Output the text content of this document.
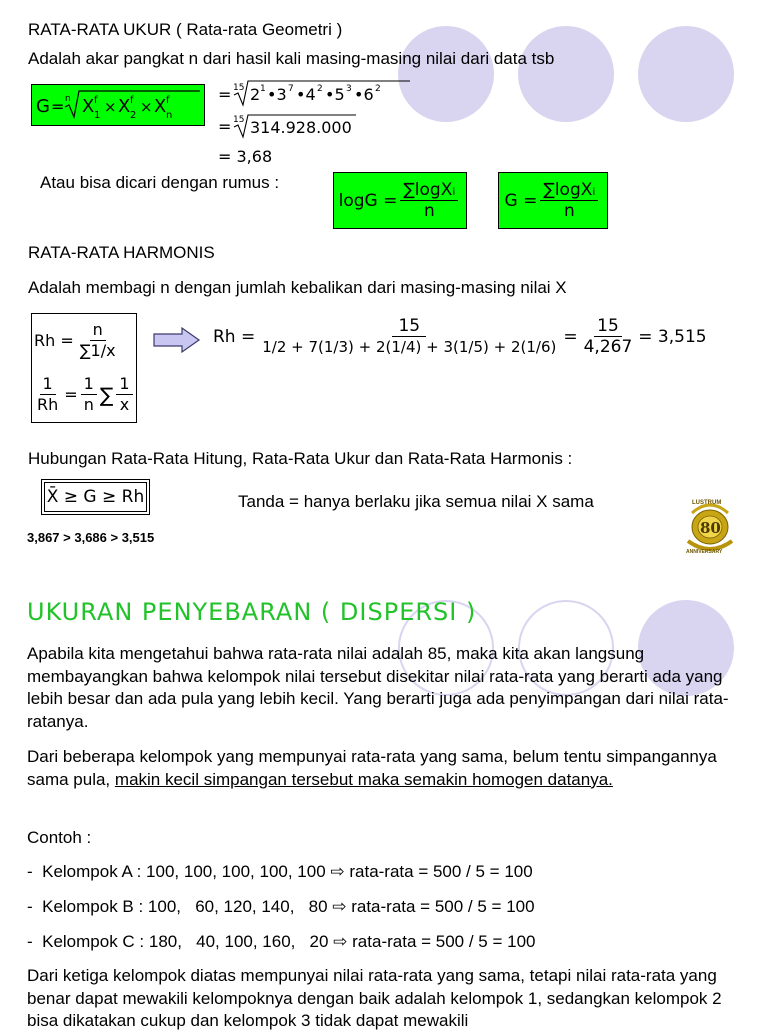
RATA-RATA UKUR ( Rata-rata Geometri )
Adalah akar pangkat n dari hasil kali masing-masing nilai dari data tsb
G = n X f
1 × X f
2 × X f
n
= 15 2 1 •3 7 •4 2 •5 3 •6 2
= 15 314.928.000
= 3,68
Atau bisa dicari dengan rumus :
$\log G = \frac{\text{∑logXᵢ}}{n}$	$G = \frac{\text{∑logXᵢ}}{n}$
RATA-RATA HARMONIS
Adalah membagi n dengan jumlah kebalikan dari masing-masing nilai X
$Rh = \frac{n}{\sum 1/x}$
$\frac{1}{Rh} = \frac{1}{n}$ ∑ $\frac{1}{x}$
$Rh = \frac{15}{1/2 + 7(1/3) + 2(1/4) + 3(1/5) + 2(1/6)} = \frac{15}{4,267} = 3,515$
Hubungan Rata-Rata Hitung, Rata-Rata Ukur dan Rata-Rata Harmonis :
X̄ ≥ G ≥ Rh	Tanda = hanya berlaku jika semua nilai X sama
3,867 > 3,686 > 3,515
LUSTRUM
80
ANNIVERSARY
UKURAN PENYEBARAN ( DISPERSI )
Apabila kita mengetahui bahwa rata-rata nilai adalah 85, maka kita akan langsung membayangkan bahwa kelompok nilai tersebut disekitar nilai rata-rata yang berarti ada yang lebih besar dan ada pula yang lebih kecil. Yang berarti juga ada penyimpangan dari nilai rata-ratanya.
Dari beberapa kelompok yang mempunyai rata-rata yang sama, belum tentu simpangannya sama pula, makin kecil simpangan tersebut maka semakin homogen datanya.
Contoh :
-  Kelompok A : 100, 100, 100, 100, 100 ⇨ rata-rata = 500 / 5 = 100
-  Kelompok B : 100,   60, 120, 140,   80 ⇨ rata-rata = 500 / 5 = 100
-  Kelompok C : 180,   40, 100, 160,   20 ⇨ rata-rata = 500 / 5 = 100
Dari ketiga kelompok diatas mempunyai nilai rata-rata yang sama, tetapi nilai rata-rata yang benar dapat mewakili kelompoknya dengan baik adalah kelompok 1, sedangkan kelompok 2 bisa dikatakan cukup dan kelompok 3 tidak dapat mewakili
